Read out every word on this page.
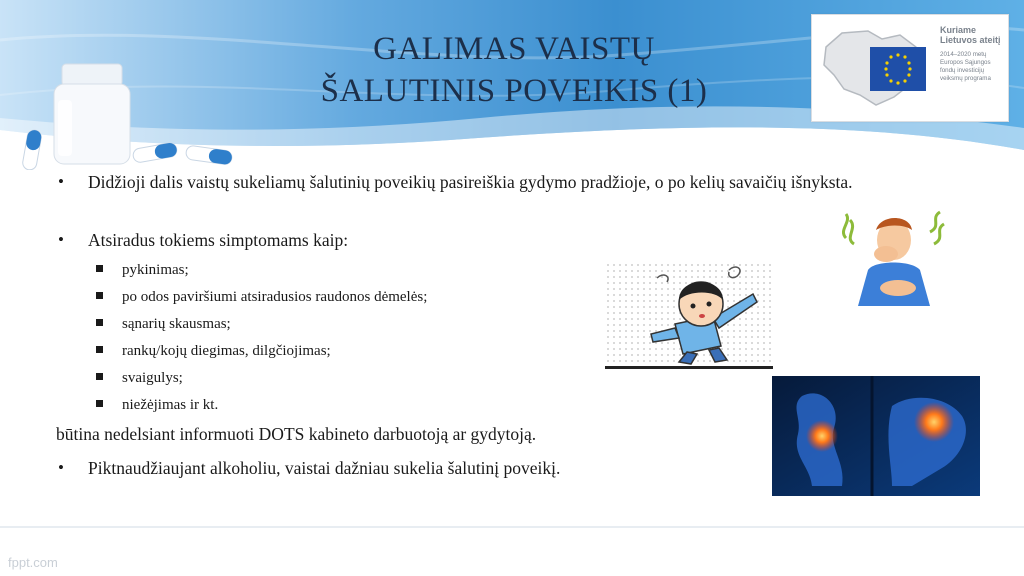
GALIMAS VAISTŲ
ŠALUTINIS POVEIKIS (1)
Kuriame Lietuvos ateitį
2014–2020 metų Europos Sąjungos fondų investicijų veiksmų programa
•	Didžioji dalis vaistų sukeliamų šalutinių poveikių pasireiškia gydymo pradžioje, o po kelių savaičių išnyksta.
• Atsiradus tokiems simptomams kaip:
pykinimas;
po odos paviršiumi atsiradusios raudonos dėmelės;
sąnarių skausmas;
rankų/kojų diegimas, dilgčiojimas;
svaigulys;
niežėjimas ir kt.
būtina nedelsiant informuoti DOTS kabineto darbuotoją ar gydytoją.
• Piktnaudžiaujant alkoholiu, vaistai dažniau sukelia šalutinį poveikį.
fppt.com
